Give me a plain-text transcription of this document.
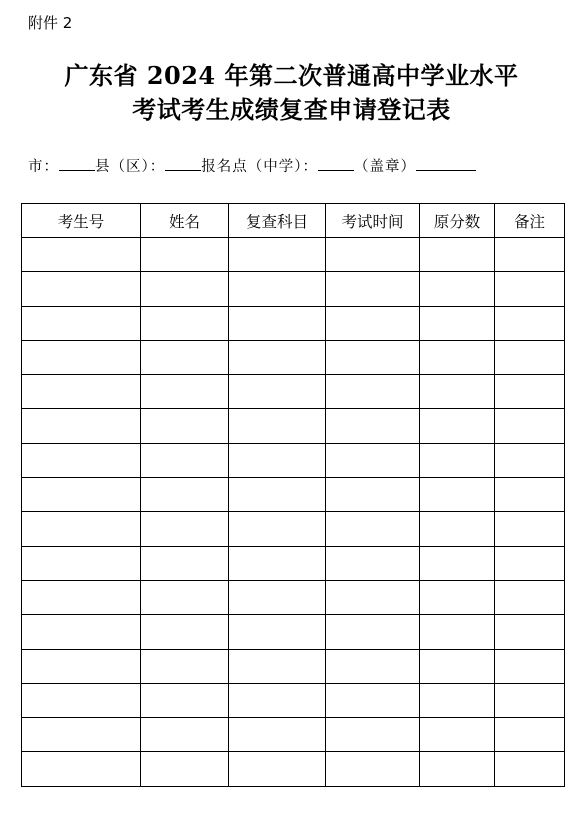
附件 2
广东省 2024 年第二次普通高中学业水平
考试考生成绩复查申请登记表
市： 县（区）： 报名点（中学）： （盖章）
考生号	姓名	复查科目	考试时间	原分数	备注
